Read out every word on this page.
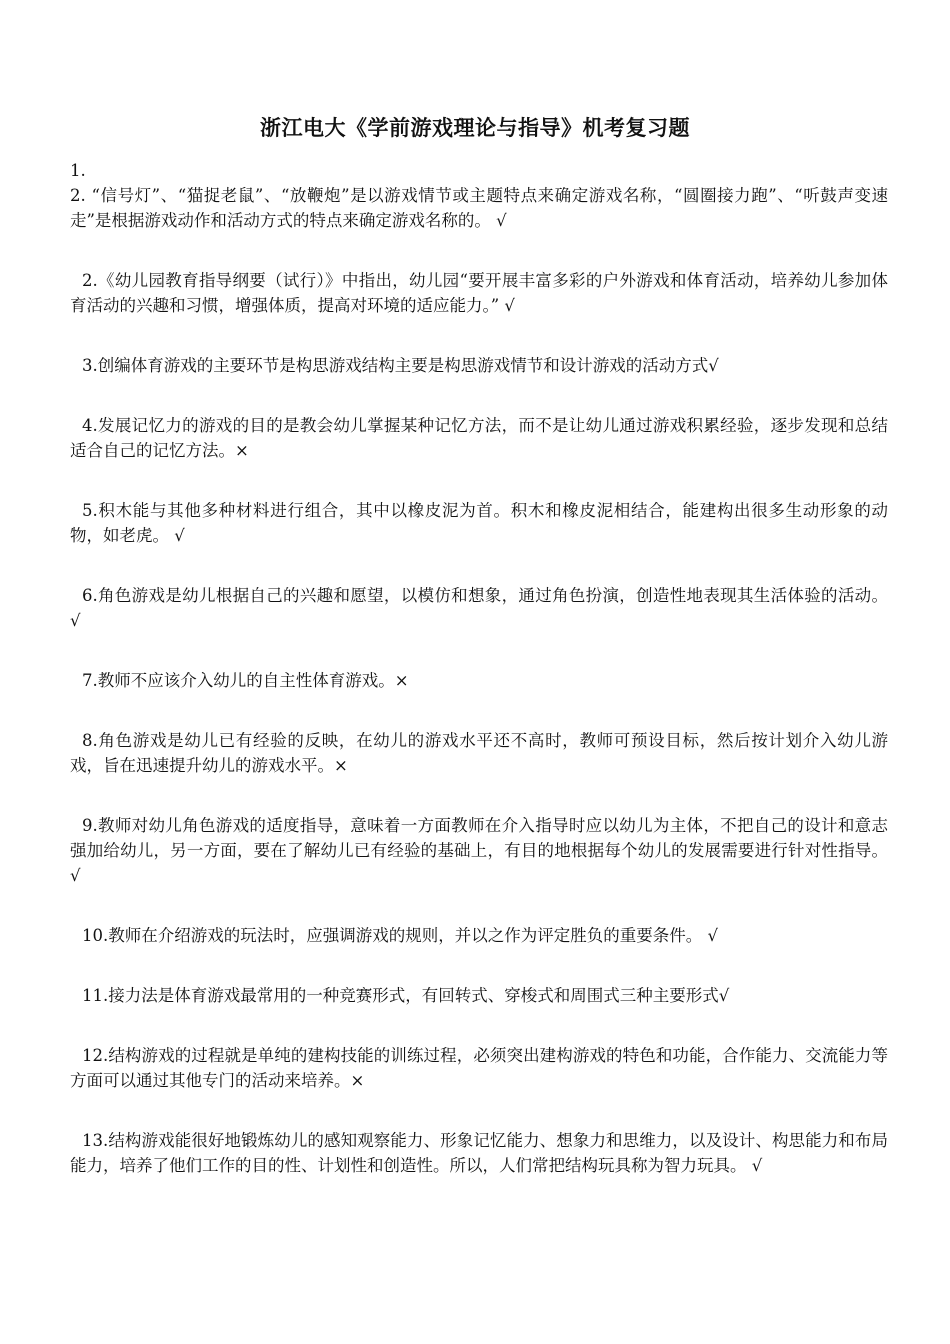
浙江电大《学前游戏理论与指导》机考复习题

1.

2. “信号灯”、“猫捉老鼠”、“放鞭炮”是以游戏情节或主题特点来确定游戏名称，“圆圈接力跑”、“听鼓声变速走”是根据游戏动作和活动方式的特点来确定游戏名称的。 √

2.《幼儿园教育指导纲要（试行）》中指出，幼儿园“要开展丰富多彩的户外游戏和体育活动，培养幼儿参加体育活动的兴趣和习惯，增强体质，提高对环境的适应能力。” √

3.创编体育游戏的主要环节是构思游戏结构主要是构思游戏情节和设计游戏的活动方式√

4.发展记忆力的游戏的目的是教会幼儿掌握某种记忆方法，而不是让幼儿通过游戏积累经验，逐步发现和总结适合自己的记忆方法。×

5.积木能与其他多种材料进行组合，其中以橡皮泥为首。积木和橡皮泥相结合，能建构出很多生动形象的动物，如老虎。 √

6.角色游戏是幼儿根据自己的兴趣和愿望，以模仿和想象，通过角色扮演，创造性地表现其生活体验的活动。 √

7.教师不应该介入幼儿的自主性体育游戏。×

8.角色游戏是幼儿已有经验的反映，在幼儿的游戏水平还不高时，教师可预设目标，然后按计划介入幼儿游戏，旨在迅速提升幼儿的游戏水平。×

9.教师对幼儿角色游戏的适度指导，意味着一方面教师在介入指导时应以幼儿为主体，不把自己的设计和意志强加给幼儿，另一方面，要在了解幼儿已有经验的基础上，有目的地根据每个幼儿的发展需要进行针对性指导。 √

10.教师在介绍游戏的玩法时，应强调游戏的规则，并以之作为评定胜负的重要条件。 √

11.接力法是体育游戏最常用的一种竞赛形式，有回转式、穿梭式和周围式三种主要形式√

12.结构游戏的过程就是单纯的建构技能的训练过程，必须突出建构游戏的特色和功能，合作能力、交流能力等方面可以通过其他专门的活动来培养。×

13.结构游戏能很好地锻炼幼儿的感知观察能力、形象记忆能力、想象力和思维力，以及设计、构思能力和布局能力，培养了他们工作的目的性、计划性和创造性。所以，人们常把结构玩具称为智力玩具。 √
